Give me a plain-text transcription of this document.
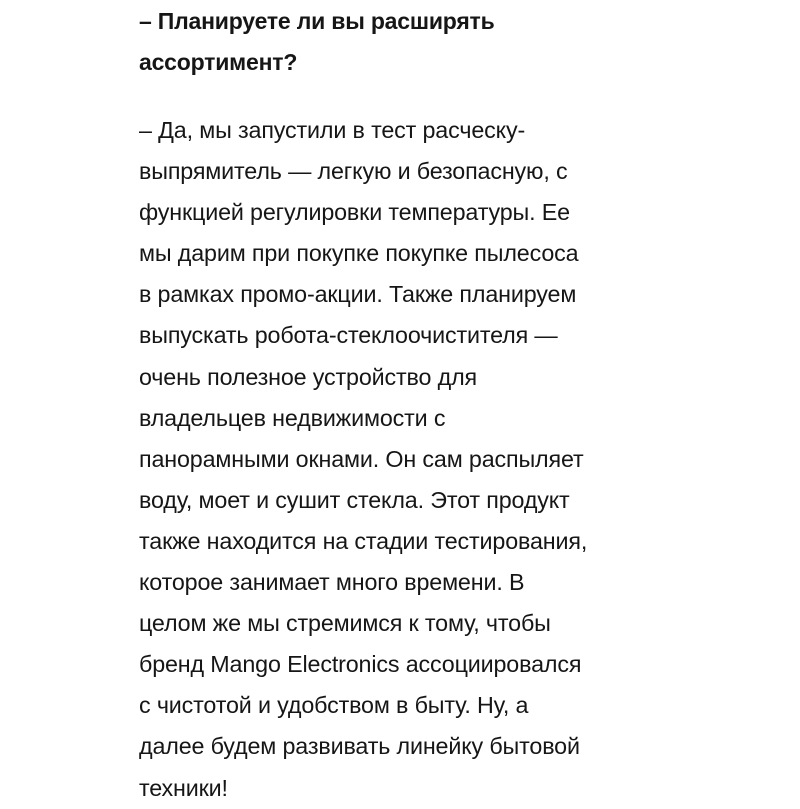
– Планируете ли вы расширять
ассортимент?

– Да, мы запустили в тест расческу-
выпрямитель — легкую и безопасную, с
функцией регулировки температуры. Ее
мы дарим при покупке покупке пылесоса
в рамках промо-акции. Также планируем
выпускать робота-стеклоочистителя —
очень полезное устройство для
владельцев недвижимости с
панорамными окнами. Он сам распыляет
воду, моет и сушит стекла. Этот продукт
также находится на стадии тестирования,
которое занимает много времени. В
целом же мы стремимся к тому, чтобы
бренд Mango Electronics ассоциировался
с чистотой и удобством в быту. Ну, а
далее будем развивать линейку бытовой
техники!
